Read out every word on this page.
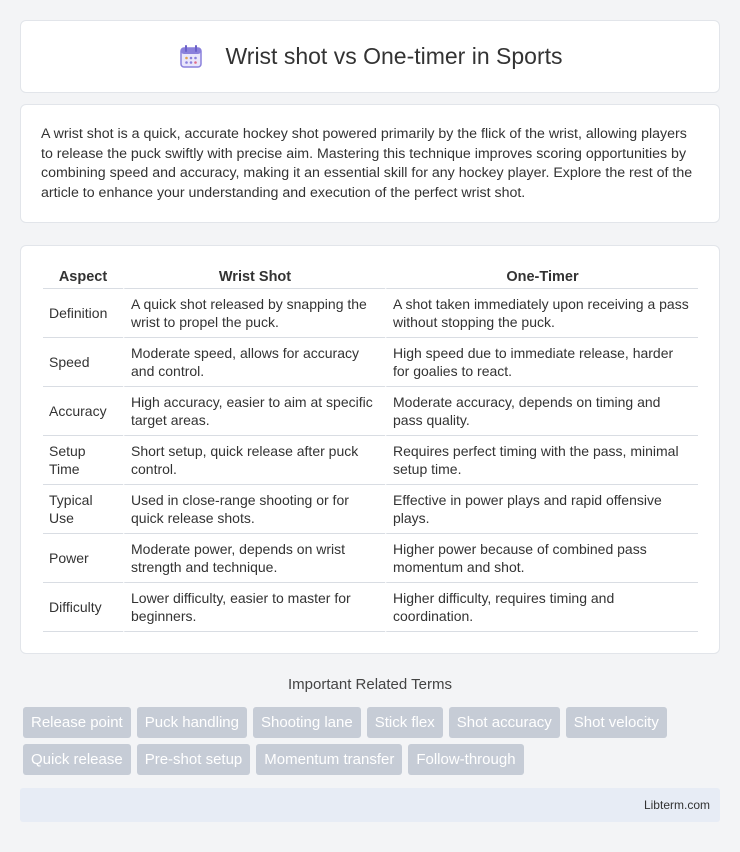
Wrist shot vs One-timer in Sports

A wrist shot is a quick, accurate hockey shot powered primarily by the flick of the wrist, allowing players to release the puck swiftly with precise aim. Mastering this technique improves scoring opportunities by combining speed and accuracy, making it an essential skill for any hockey player. Explore the rest of the article to enhance your understanding and execution of the perfect wrist shot.

Aspect	Wrist Shot	One-Timer
Definition	A quick shot released by snapping the wrist to propel the puck.	A shot taken immediately upon receiving a pass without stopping the puck.
Speed	Moderate speed, allows for accuracy and control.	High speed due to immediate release, harder for goalies to react.
Accuracy	High accuracy, easier to aim at specific target areas.	Moderate accuracy, depends on timing and pass quality.
Setup Time	Short setup, quick release after puck control.	Requires perfect timing with the pass, minimal setup time.
Typical Use	Used in close-range shooting or for quick release shots.	Effective in power plays and rapid offensive plays.
Power	Moderate power, depends on wrist strength and technique.	Higher power because of combined pass momentum and shot.
Difficulty	Lower difficulty, easier to master for beginners.	Higher difficulty, requires timing and coordination.
Important Related Terms
Release point	Puck handling	Shooting lane	Stick flex	Shot accuracy	Shot velocity
Quick release	Pre-shot setup	Momentum transfer	Follow-through
Libterm.com
